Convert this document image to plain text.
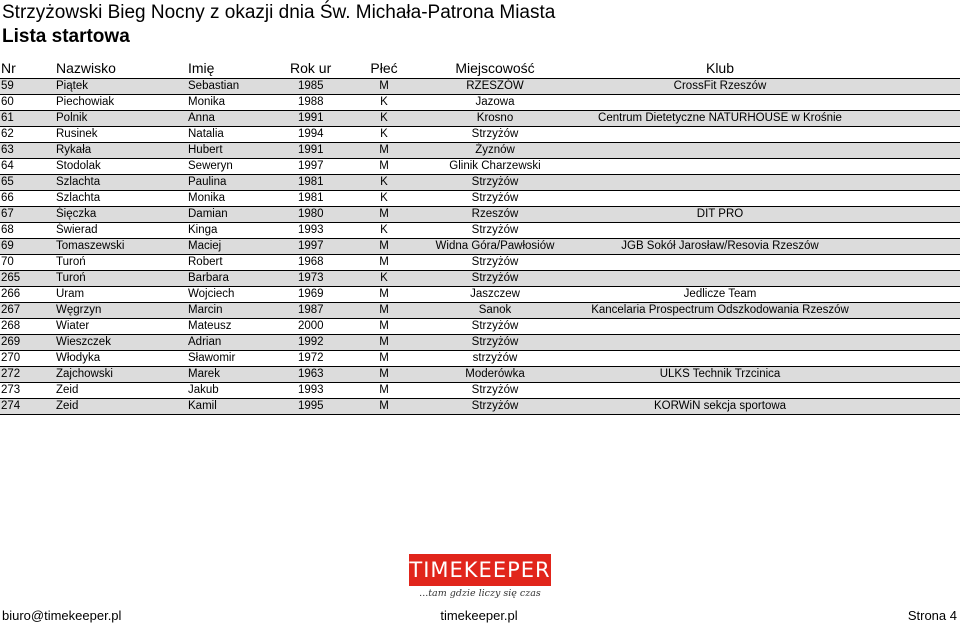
Strzyżowski Bieg Nocny z okazji dnia Św. Michała-Patrona Miasta
Lista startowa
Nr	Nazwisko	Imię	Rok ur	Płeć	Miejscowość	Klub
59	Piątek	Sebastian	1985	M	RZESZÓW	CrossFit Rzeszów
60	Piechowiak	Monika	1988	K	Jazowa
61	Polnik	Anna	1991	K	Krosno	Centrum Dietetyczne NATURHOUSE w Krośnie
62	Rusinek	Natalia	1994	K	Strzyżów
63	Rykała	Hubert	1991	M	Żyznów
64	Stodolak	Seweryn	1997	M	Glinik Charzewski
65	Szlachta	Paulina	1981	K	Strzyżów
66	Szlachta	Monika	1981	K	Strzyżów
67	Śięczka	Damian	1980	M	Rzeszów	DIT PRO
68	Świerad	Kinga	1993	K	Strzyżów
69	Tomaszewski	Maciej	1997	M	Widna Góra/Pawłosiów	JGB Sokół Jarosław/Resovia Rzeszów
70	Turoń	Robert	1968	M	Strzyżów
265	Turoń	Barbara	1973	K	Strzyżów
266	Uram	Wojciech	1969	M	Jaszczew	Jedlicze Team
267	Węgrzyn	Marcin	1987	M	Sanok	Kancelaria Prospectrum Odszkodowania Rzeszów
268	Wiater	Mateusz	2000	M	Strzyżów
269	Wieszczek	Adrian	1992	M	Strzyżów
270	Włodyka	Sławomir	1972	M	strzyżów
272	Zajchowski	Marek	1963	M	Moderówka	ULKS Technik Trzcinica
273	Zeid	Jakub	1993	M	Strzyżów
274	Zeid	Kamil	1995	M	Strzyżów	KORWiN sekcja sportowa
TIMEKEEPER
...tam gdzie liczy się czas
biuro@timekeeper.pl	timekeeper.pl	Strona 4
